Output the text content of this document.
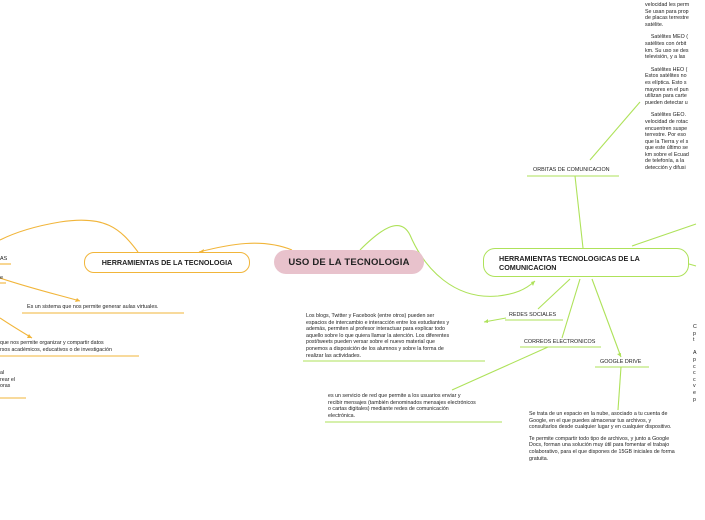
USO DE LA TECNOLOGIA
HERRAMIENTAS DE LA TECNOLOGIA
AS
e
Es un sistema que nos permite generar aulas virtuales.
que nos permite organizar y compartir datos
rsos académicos, educativos o de investigación
al
rear el
oras
HERRAMIENTAS TECNOLOGICAS DE LA COMUNICACION
ORBITAS DE COMUNICACION
velocidad les perm
Se usan para prop
de placas terrestre
satélite.
Satélites MEO (
satélites con órbit
km. Su uso se des
televisión, y a las
Satélites HEO (
Estos satélites no
es elíptica. Esto s
mayores en el pun
utilizan para carte
pueden detectar u
Satélites GEO.
velocidad de rotac
encuentren suspe
terrestre. Por eso
que la Tierra y el s
que este último se
km sobre el Ecuad
de telefonía, a la
detección y difusi
REDES SOCIALES
Los blogs, Twitter y Facebook (entre otros) pueden ser
espacios de intercambio e interacción entre los estudiantes y
además, permiten al profesor interactuar para explicar todo
aquello sobre lo que quiera llamar la atención. Los diferentes
post/tweets pueden versar sobre el nuevo material que
ponemos a disposición de los alumnos y sobre la forma de
realizar las actividades.
CORREOS ELECTRONICOS
es un servicio de red que permite a los usuarios enviar y
recibir mensajes (también denominados mensajes electrónicos
o cartas digitales) mediante redes de comunicación
electrónica.
GOOGLE DRIVE
Se trata de un espacio en la nube, asociado a tu cuenta de
Google, en el que puedes almacenar tus archivos, y
consultarlos desde cualquier lugar y en cualquier dispositivo.
Te permite compartir todo tipo de archivos, y junto a Google
Docs, forman una solución muy útil para fomentar el trabajo
colaborativo, para el que dispones de 15GB iniciales de forma
gratuita.
C
p
t
A
p
c
c
c
v
e
p
